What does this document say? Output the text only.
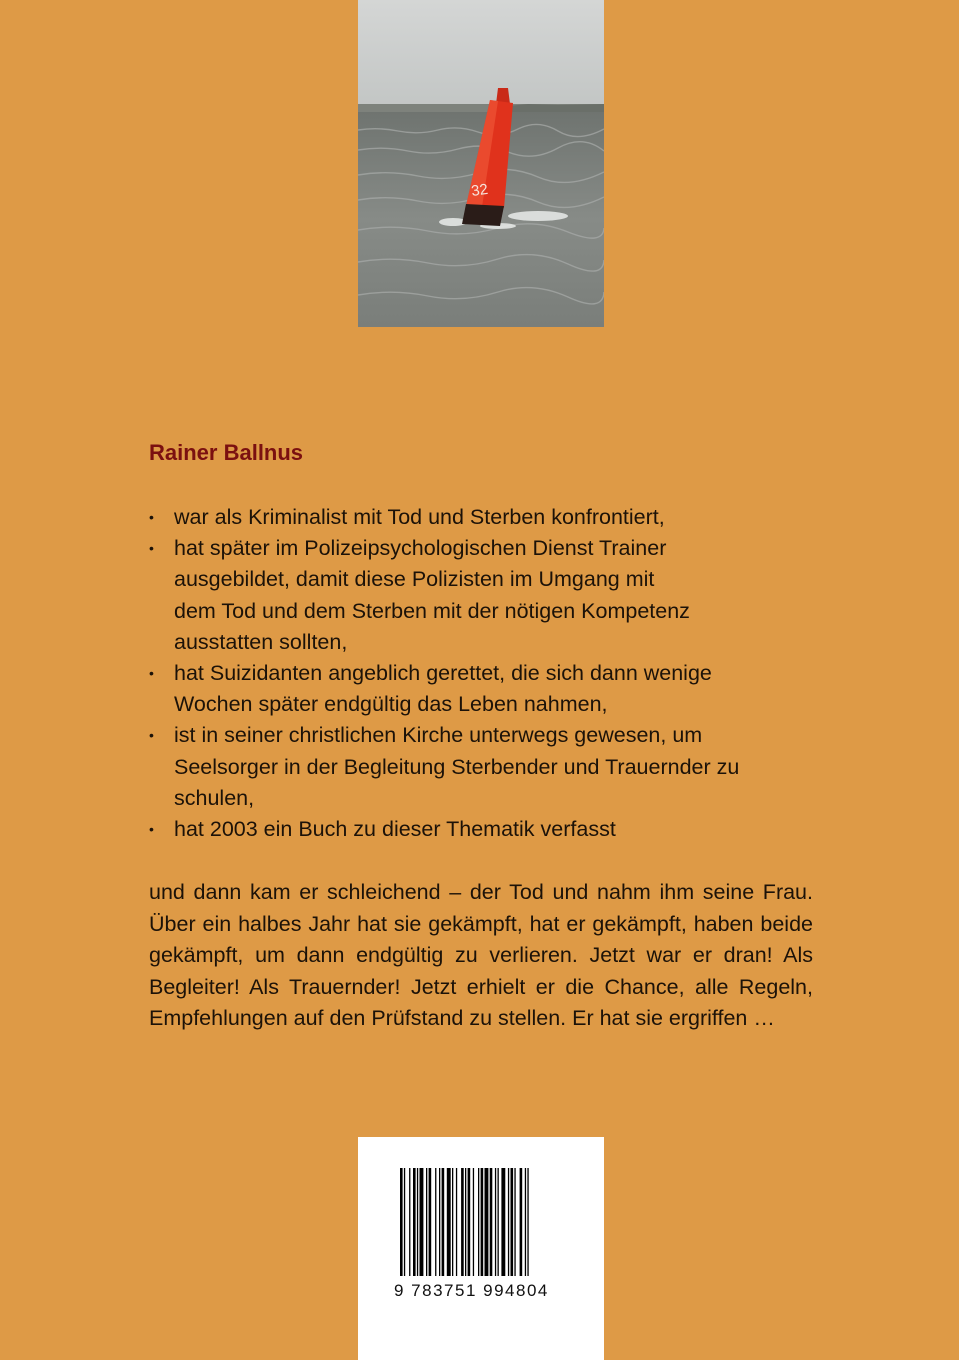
32
Rainer Ballnus
• war als Kriminalist mit Tod und Sterben konfrontiert,
• hat später im Polizeipsychologischen Dienst Trainer
ausgebildet, damit diese Polizisten im Umgang mit
dem Tod und dem Sterben mit der nötigen Kompetenz
ausstatten sollten,
• hat Suizidanten angeblich gerettet, die sich dann wenige
Wochen später endgültig das Leben nahmen,
• ist in seiner christlichen Kirche unterwegs gewesen, um
Seelsorger in der Begleitung Sterbender und Trauernder zu
schulen,
• hat 2003 ein Buch zu dieser Thematik verfasst

und dann kam er schleichend – der Tod und nahm ihm seine Frau. Über ein halbes Jahr hat sie gekämpft, hat er gekämpft, haben beide gekämpft, um dann endgültig zu verlieren. Jetzt war er dran! Als Begleiter! Als Trauernder! Jetzt erhielt er die Chance, alle Regeln, Empfehlungen auf den Prüfstand zu stellen. Er hat sie ergriffen …

9 783751 994804
